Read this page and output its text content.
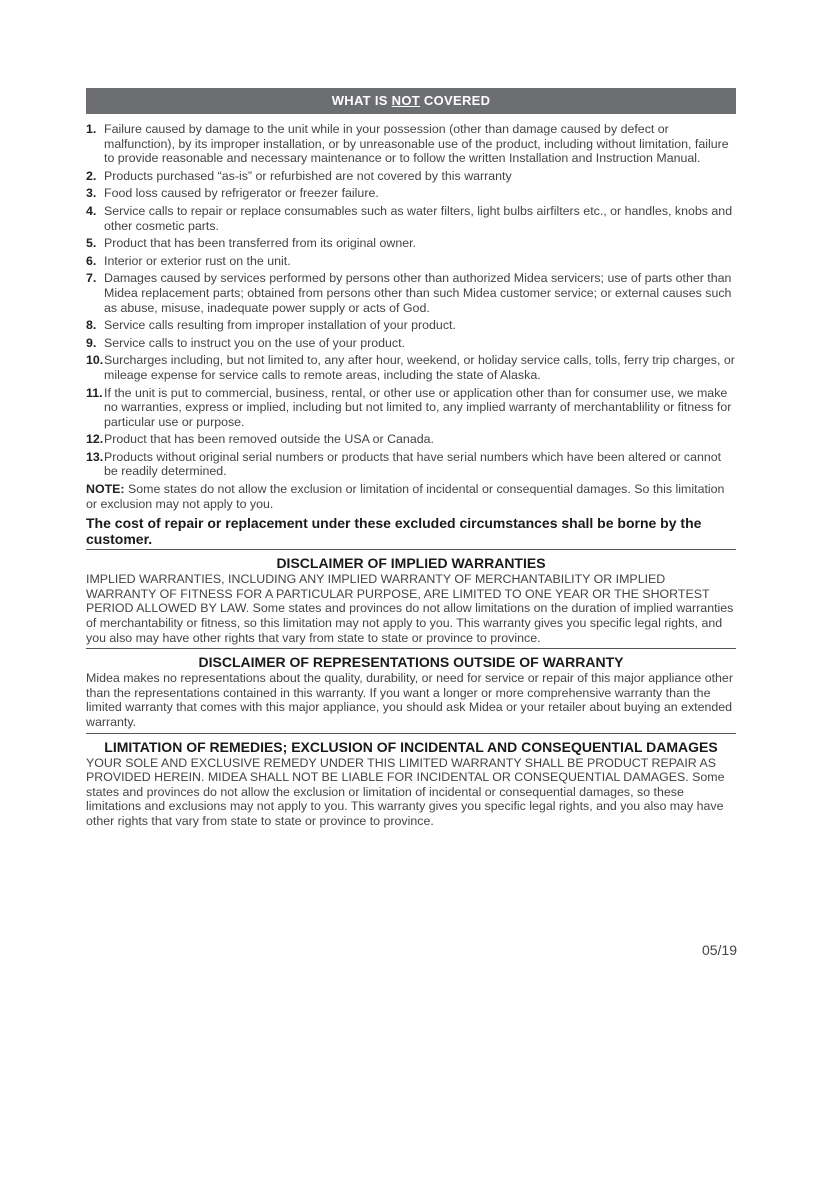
WHAT IS NOT COVERED
1. Failure caused by damage to the unit while in your possession (other than damage caused by defect or malfunction), by its improper installation, or by unreasonable use of the product, including without limitation, failure to provide reasonable and necessary maintenance or to follow the written Installation and Instruction Manual.
2. Products purchased “as-is” or refurbished are not covered by this warranty
3. Food loss caused by refrigerator or freezer failure.
4. Service calls to repair or replace consumables such as water filters, light bulbs airfilters etc., or handles, knobs and other cosmetic parts.
5. Product that has been transferred from its original owner.
6. Interior or exterior rust on the unit.
7. Damages caused by services performed by persons other than authorized Midea servicers; use of parts other than Midea replacement parts; obtained from persons other than such Midea customer service; or external causes such as abuse, misuse, inadequate power supply or acts of God.
8. Service calls resulting from improper installation of your product.
9. Service calls to instruct you on the use of your product.
10. Surcharges including, but not limited to, any after hour, weekend, or holiday service calls, tolls, ferry trip charges, or mileage expense for service calls to remote areas, including the state of Alaska.
11. If the unit is put to commercial, business, rental, or other use or application other than for consumer use, we make no warranties, express or implied, including but not limited to, any implied warranty of merchantablility or fitness for particular use or purpose.
12. Product that has been removed outside the USA or Canada.
13. Products without original serial numbers or products that have serial numbers which have been altered or cannot be readily determined.
NOTE: Some states do not allow the exclusion or limitation of incidental or consequential damages. So this limitation or exclusion may not apply to you.
The cost of repair or replacement under these excluded circumstances shall be borne by the customer.
DISCLAIMER OF IMPLIED WARRANTIES
IMPLIED WARRANTIES, INCLUDING ANY IMPLIED WARRANTY OF MERCHANTABILITY OR IMPLIED WARRANTY OF FITNESS FOR A PARTICULAR PURPOSE, ARE LIMITED TO ONE YEAR OR THE SHORTEST PERIOD ALLOWED BY LAW. Some states and provinces do not allow limitations on the duration of implied warranties of merchantability or fitness, so this limitation may not apply to you. This warranty gives you specific legal rights, and you also may have other rights that vary from state to state or province to province.
DISCLAIMER OF REPRESENTATIONS OUTSIDE OF WARRANTY
Midea makes no representations about the quality, durability, or need for service or repair of this major appliance other than the representations contained in this warranty. If you want a longer or more comprehensive warranty than the limited warranty that comes with this major appliance, you should ask Midea or your retailer about buying an extended warranty.
LIMITATION OF REMEDIES; EXCLUSION OF INCIDENTAL AND CONSEQUENTIAL DAMAGES
YOUR SOLE AND EXCLUSIVE REMEDY UNDER THIS LIMITED WARRANTY SHALL BE PRODUCT REPAIR AS PROVIDED HEREIN. MIDEA SHALL NOT BE LIABLE FOR INCIDENTAL OR CONSEQUENTIAL DAMAGES. Some states and provinces do not allow the exclusion or limitation of incidental or consequential damages, so these limitations and exclusions may not apply to you. This warranty gives you specific legal rights, and you also may have other rights that vary from state to state or province to province.
05/19
